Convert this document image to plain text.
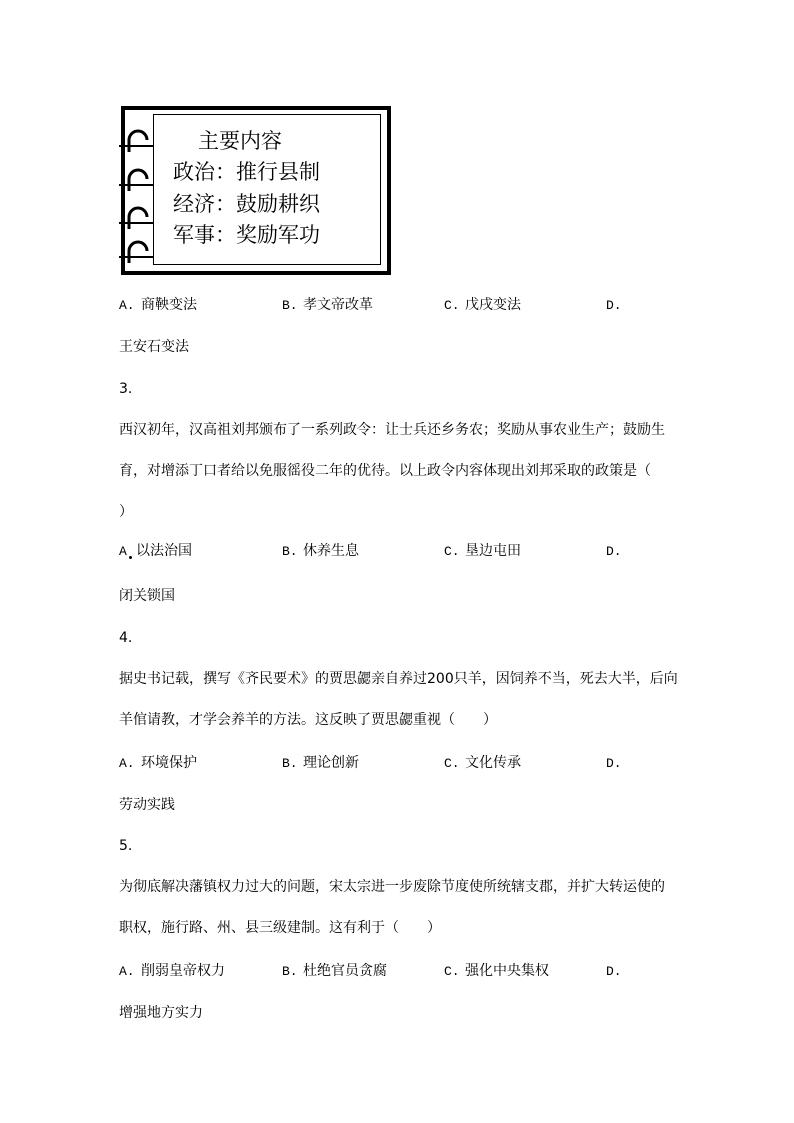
主要内容
政治：推行县制
经济：鼓励耕织
军事：奖励军功
A. 商鞅变法	B. 孝文帝改革	C. 戊戌变法	D.
王安石变法
3.
西汉初年，汉高祖刘邦颁布了一系列政令：让士兵还乡务农；奖励从事农业生产；鼓励生
育，对增添丁口者给以免服徭役二年的优待。以上政令内容体现出刘邦采取的政策是（
）
A 以法治国	B. 休养生息	C. 垦边屯田	D.
闭关锁国
4.
据史书记载，撰写《齐民要术》的贾思勰亲自养过200只羊，因饲养不当，死去大半，后向
羊倌请教，才学会养羊的方法。这反映了贾思勰重视（　　）
A. 环境保护	B. 理论创新	C. 文化传承	D.
劳动实践
5.
为彻底解决藩镇权力过大的问题，宋太宗进一步废除节度使所统辖支郡，并扩大转运使的
职权，施行路、州、县三级建制。这有利于（　　）
A. 削弱皇帝权力	B. 杜绝官员贪腐	C. 强化中央集权	D.
增强地方实力
